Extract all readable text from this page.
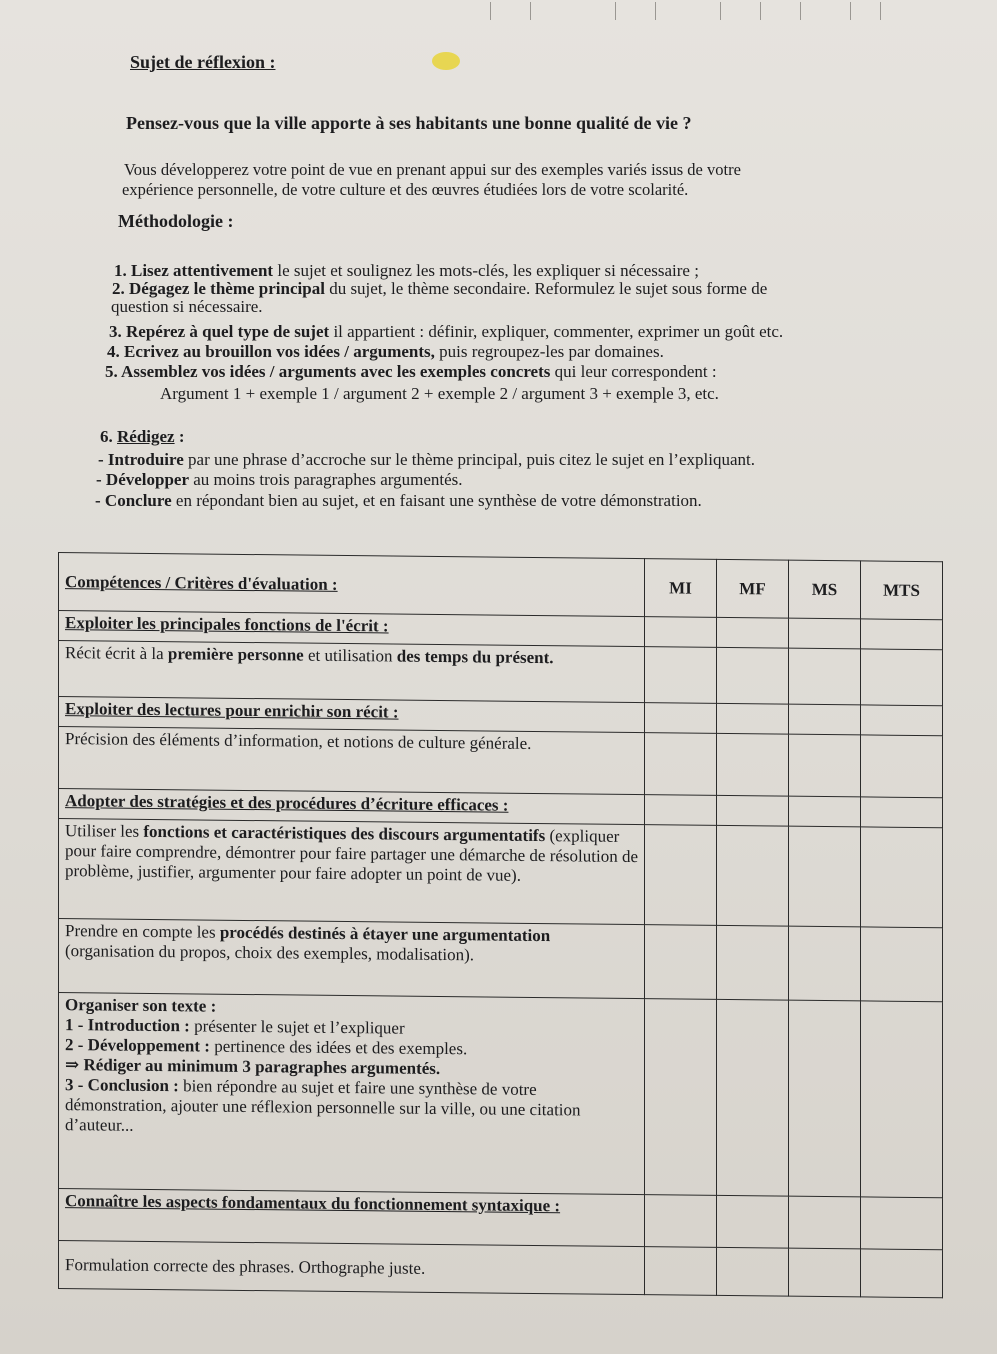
Sujet de réflexion :
Pensez-vous que la ville apporte à ses habitants une bonne qualité de vie ?
Vous développerez votre point de vue en prenant appui sur des exemples variés issus de votre
expérience personnelle, de votre culture et des œuvres étudiées lors de votre scolarité.
Méthodologie :
1. Lisez attentivement le sujet et soulignez les mots-clés, les expliquer si nécessaire ;
2. Dégagez le thème principal du sujet, le thème secondaire. Reformulez le sujet sous forme de
question si nécessaire.
3. Repérez à quel type de sujet il appartient : définir, expliquer, commenter, exprimer un goût etc.
4. Ecrivez au brouillon vos idées / arguments, puis regroupez-les par domaines.
5. Assemblez vos idées / arguments avec les exemples concrets qui leur correspondent :
Argument 1 + exemple 1 / argument 2 + exemple 2 / argument 3 + exemple 3, etc.
6. Rédigez :
- Introduire par une phrase d’accroche sur le thème principal, puis citez le sujet en l’expliquant.
- Développer au moins trois paragraphes argumentés.
- Conclure en répondant bien au sujet, et en faisant une synthèse de votre démonstration.
Compétences / Critères d'évaluation :	MI	MF	MS	MTS
Exploiter les principales fonctions de l'écrit :				
Récit écrit à la première personne et utilisation des temps du présent.				
Exploiter des lectures pour enrichir son récit :				
Précision des éléments d’information, et notions de culture générale.				
Adopter des stratégies et des procédures d’écriture efficaces :				
Utiliser les fonctions et caractéristiques des discours argumentatifs (expliquer pour faire comprendre, démontrer pour faire partager une démarche de résolution de problème, justifier, argumenter pour faire adopter un point de vue).				
Prendre en compte les procédés destinés à étayer une argumentation (organisation du propos, choix des exemples, modalisation).				

Organiser son texte :
1 - Introduction : présenter le sujet et l’expliquer
2 - Développement : pertinence des idées et des exemples.
⇒ Rédiger au minimum 3 paragraphes argumentés.
3 - Conclusion : bien répondre au sujet et faire une synthèse de votre démonstration, ajouter une réflexion personnelle sur la ville, ou une citation d’auteur...				

Connaître les aspects fondamentaux du fonctionnement syntaxique :				
Formulation correcte des phrases. Orthographe juste.				
